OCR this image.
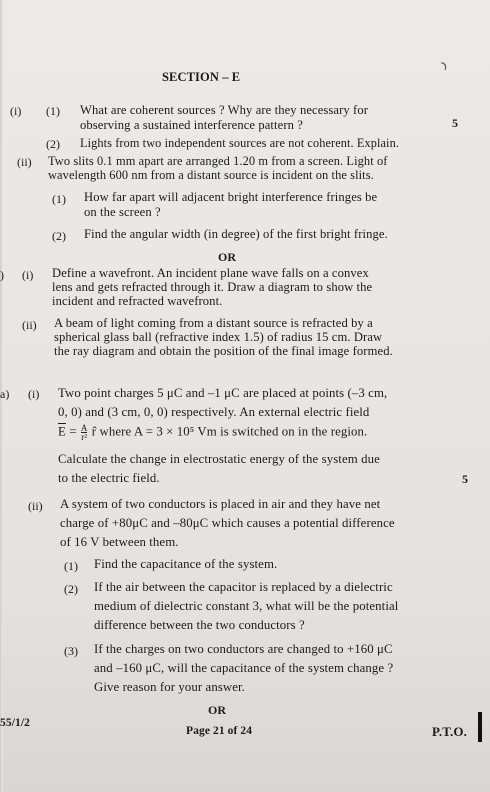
ر
SECTION – E
(i) (1) What are coherent sources ? Why are they necessary for
observing a sustained interference pattern ?	5
(2) Lights from two independent sources are not coherent. Explain.
(ii) Two slits 0.1 mm apart are arranged 1.20 m from a screen. Light of
wavelength 600 nm from a distant source is incident on the slits.
(1) How far apart will adjacent bright interference fringes be
on the screen ?
(2) Find the angular width (in degree) of the first bright fringe.
OR
) (i) Define a wavefront. An incident plane wave falls on a convex
lens and gets refracted through it. Draw a diagram to show the
incident and refracted wavefront.
(ii) A beam of light coming from a distant source is refracted by a
spherical glass ball (refractive index 1.5) of radius 15 cm. Draw
the ray diagram and obtain the position of the final image formed.
a) (i) Two point charges 5 μC and –1 μC are placed at points (–3 cm,
0, 0) and (3 cm, 0, 0) respectively. An external electric field
$\overline{E} = \frac{A}{\text{r²}}$ r̂ where A = 3 × 10⁵ Vm is switched on in the region.
Calculate the change in electrostatic energy of the system due
to the electric field.	5
(ii) A system of two conductors is placed in air and they have net
charge of +80μC and –80μC which causes a potential difference
of 16 V between them.
(1) Find the capacitance of the system.
(2) If the air between the capacitor is replaced by a dielectric
medium of dielectric constant 3, what will be the potential
difference between the two conductors ?
(3) If the charges on two conductors are changed to +160 μC
and –160 μC, will the capacitance of the system change ?
Give reason for your answer.
OR
55/1/2
Page 21 of 24	P.T.O.
